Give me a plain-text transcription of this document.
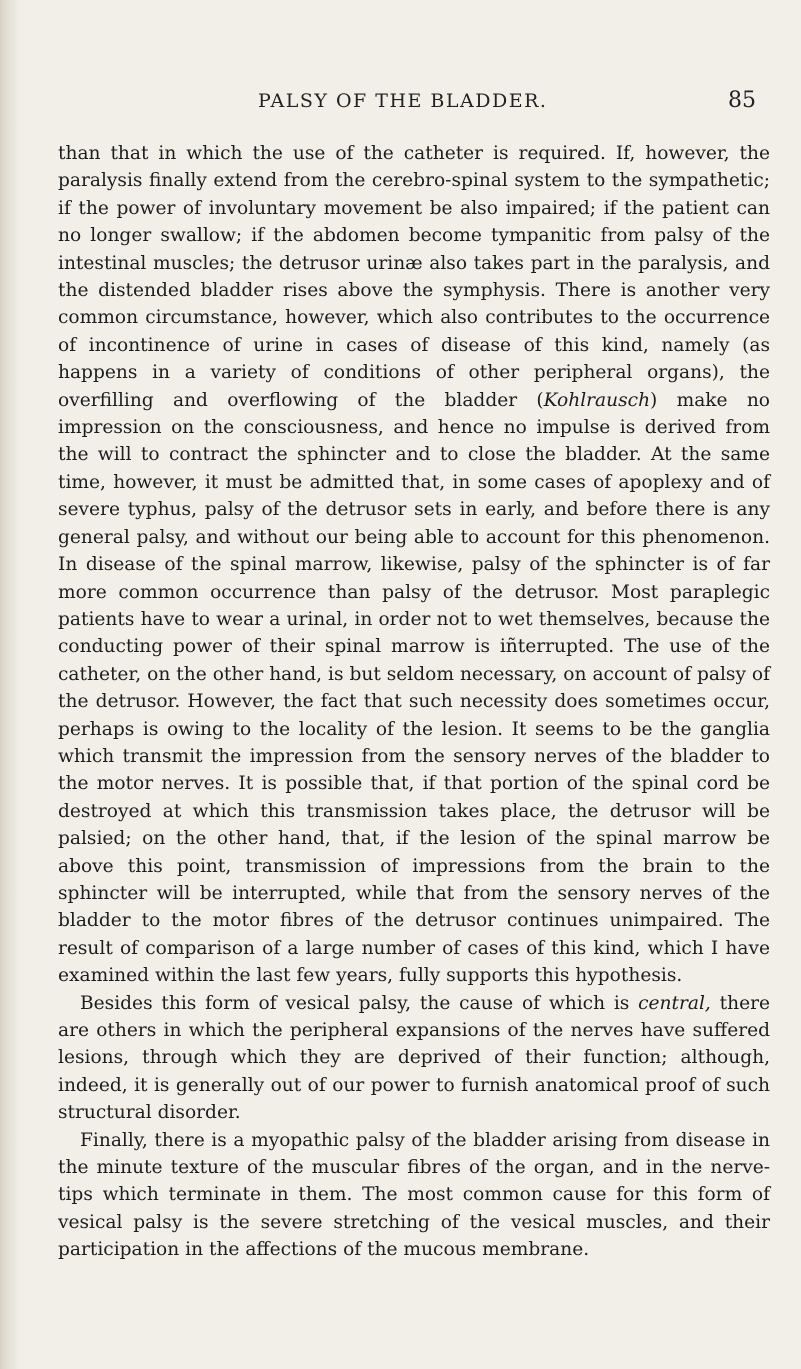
PALSY OF THE BLADDER.	85

than that in which the use of the catheter is required. If, however, the paralysis finally extend from the cerebro-spinal system to the sympathetic; if the power of involuntary movement be also impaired; if the patient can no longer swallow; if the abdomen become tympanitic from palsy of the intestinal muscles; the detrusor urinæ also takes part in the paralysis, and the distended bladder rises above the symphysis. There is another very common circumstance, however, which also contributes to the occurrence of incontinence of urine in cases of disease of this kind, namely (as happens in a variety of conditions of other peripheral organs), the overfilling and overflowing of the bladder (Kohlrausch) make no impression on the consciousness, and hence no impulse is derived from the will to contract the sphincter and to close the bladder. At the same time, however, it must be admitted that, in some cases of apoplexy and of severe typhus, palsy of the detrusor sets in early, and before there is any general palsy, and without our being able to account for this phenomenon. In disease of the spinal marrow, likewise, palsy of the sphincter is of far more common occurrence than palsy of the detrusor. Most paraplegic patients have to wear a urinal, in order not to wet themselves, because the conducting power of their spinal marrow is iñterrupted. The use of the catheter, on the other hand, is but seldom necessary, on account of palsy of the detrusor. However, the fact that such necessity does sometimes occur, perhaps is owing to the locality of the lesion. It seems to be the ganglia which transmit the impression from the sensory nerves of the bladder to the motor nerves. It is possible that, if that portion of the spinal cord be destroyed at which this transmission takes place, the detrusor will be palsied; on the other hand, that, if the lesion of the spinal marrow be above this point, transmission of impressions from the brain to the sphincter will be interrupted, while that from the sensory nerves of the bladder to the motor fibres of the detrusor continues unimpaired. The result of comparison of a large number of cases of this kind, which I have examined within the last few years, fully supports this hypothesis.

Besides this form of vesical palsy, the cause of which is central, there are others in which the peripheral expansions of the nerves have suffered lesions, through which they are deprived of their function; although, indeed, it is generally out of our power to furnish anatomical proof of such structural disorder.

Finally, there is a myopathic palsy of the bladder arising from disease in the minute texture of the muscular fibres of the organ, and in the nerve-tips which terminate in them. The most common cause for this form of vesical palsy is the severe stretching of the vesical muscles, and their participation in the affections of the mucous membrane.
